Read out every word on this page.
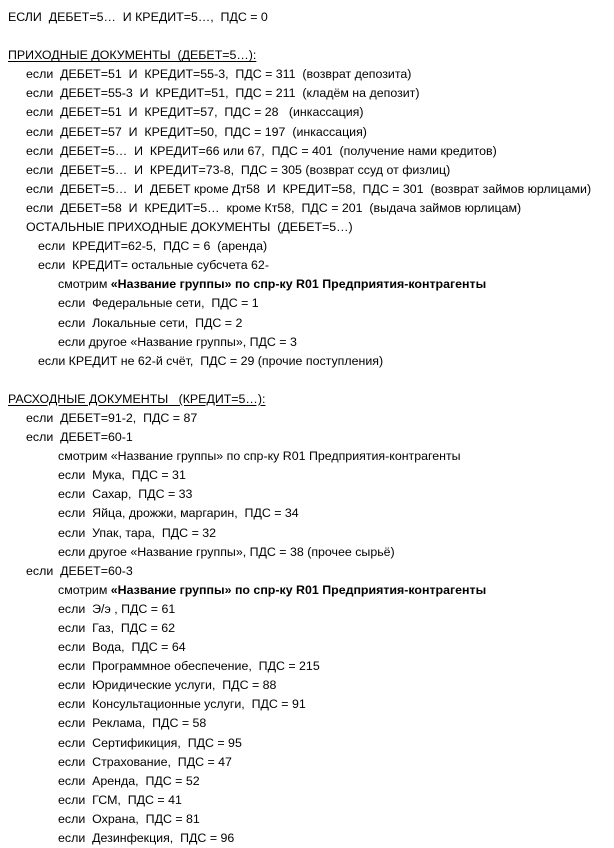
ЕСЛИ  ДЕБЕТ=5…  И КРЕДИТ=5…,  ПДС = 0
ПРИХОДНЫЕ ДОКУМЕНТЫ  (ДЕБЕТ=5…):
если  ДЕБЕТ=51  И  КРЕДИТ=55-3,  ПДС = 311  (возврат депозита)
если  ДЕБЕТ=55-3  И  КРЕДИТ=51,  ПДС = 211  (кладём на депозит)
если  ДЕБЕТ=51  И  КРЕДИТ=57,  ПДС = 28   (инкассация)
если  ДЕБЕТ=57  И  КРЕДИТ=50,  ПДС = 197  (инкассация)
если  ДЕБЕТ=5…  И  КРЕДИТ=66 или 67,  ПДС = 401  (получение нами кредитов)
если  ДЕБЕТ=5…  И  КРЕДИТ=73-8,  ПДС = 305 (возврат ссуд от физлиц)
если  ДЕБЕТ=5…  И  ДЕБЕТ кроме Дт58  И  КРЕДИТ=58,  ПДС = 301  (возврат займов юрлицами)
если  ДЕБЕТ=58  И  КРЕДИТ=5…  кроме Кт58,  ПДС = 201  (выдача займов юрлицам)
ОСТАЛЬНЫЕ ПРИХОДНЫЕ ДОКУМЕНТЫ  (ДЕБЕТ=5…)
если  КРЕДИТ=62-5,  ПДС = 6  (аренда)
если  КРЕДИТ= остальные субсчета 62-
смотрим «Название группы» по спр-ку R01 Предприятия-контрагенты
если  Федеральные сети,  ПДС = 1
если  Локальные сети,  ПДС = 2
если другое «Название группы», ПДС = 3
если КРЕДИТ не 62-й счёт,  ПДС = 29 (прочие поступления)
РАСХОДНЫЕ ДОКУМЕНТЫ   (КРЕДИТ=5…):
если  ДЕБЕТ=91-2,  ПДС = 87
если  ДЕБЕТ=60-1
смотрим «Название группы» по спр-ку R01 Предприятия-контрагенты
если  Мука,  ПДС = 31
если  Сахар,  ПДС = 33
если  Яйца, дрожжи, маргарин,  ПДС = 34
если  Упак, тара,  ПДС = 32
если другое «Название группы», ПДС = 38 (прочее сырьё)
если  ДЕБЕТ=60-3
смотрим «Название группы» по спр-ку R01 Предприятия-контрагенты
если  Э/э , ПДС = 61
если  Газ,  ПДС = 62
если  Вода,  ПДС = 64
если  Программное обеспечение,  ПДС = 215
если  Юридические услуги,  ПДС = 88
если  Консультационные услуги,  ПДС = 91
если  Реклама,  ПДС = 58
если  Сертификиция,  ПДС = 95
если  Страхование,  ПДС = 47
если  Аренда,  ПДС = 52
если  ГСМ,  ПДС = 41
если  Охрана,  ПДС = 81
если  Дезинфекция,  ПДС = 96
